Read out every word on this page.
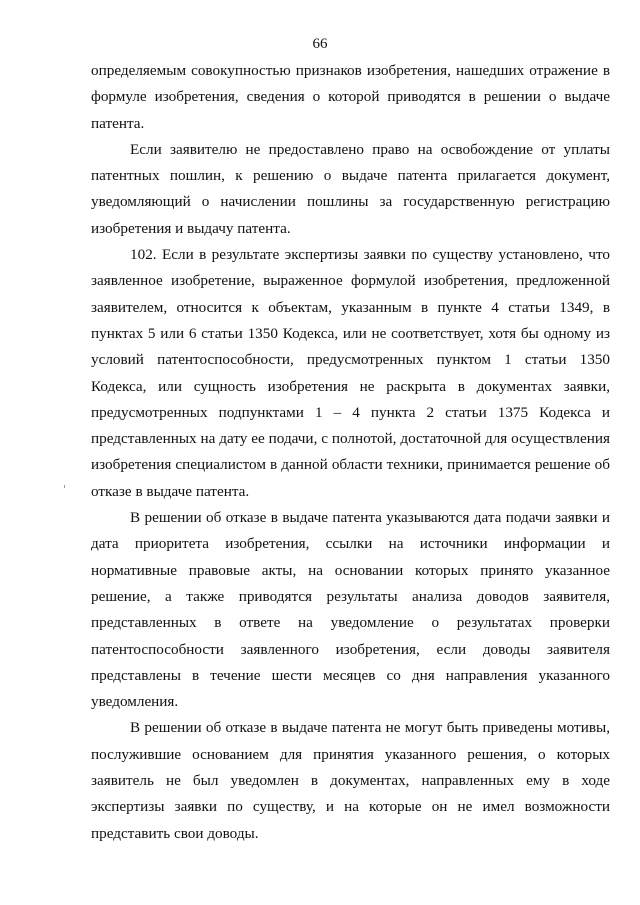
66

определяемым совокупностью признаков изобретения, нашедших отражение в формуле изобретения, сведения о которой приводятся в решении о выдаче патента.

Если заявителю не предоставлено право на освобождение от уплаты патентных пошлин, к решению о выдаче патента прилагается документ, уведомляющий о начислении пошлины за государственную регистрацию изобретения и выдачу патента.

102. Если в результате экспертизы заявки по существу установлено, что заявленное изобретение, выраженное формулой изобретения, предложенной заявителем, относится к объектам, указанным в пункте 4 статьи 1349, в пунктах 5 или 6 статьи 1350 Кодекса, или не соответствует, хотя бы одному из условий патентоспособности, предусмотренных пунктом 1 статьи 1350 Кодекса, или сущность изобретения не раскрыта в документах заявки, предусмотренных подпунктами 1 – 4 пункта 2 статьи 1375 Кодекса и представленных на дату ее подачи, с полнотой, достаточной для осуществления изобретения специалистом в данной области техники, принимается решение об отказе в выдаче патента.

В решении об отказе в выдаче патента указываются дата подачи заявки и дата приоритета изобретения, ссылки на источники информации и нормативные правовые акты, на основании которых принято указанное решение, а также приводятся результаты анализа доводов заявителя, представленных в ответе на уведомление о результатах проверки патентоспособности заявленного изобретения, если доводы заявителя представлены в течение шести месяцев со дня направления указанного уведомления.

В решении об отказе в выдаче патента не могут быть приведены мотивы, послужившие основанием для принятия указанного решения, о которых заявитель не был уведомлен в документах, направленных ему в ходе экспертизы заявки по существу, и на которые он не имел возможности представить свои доводы.
